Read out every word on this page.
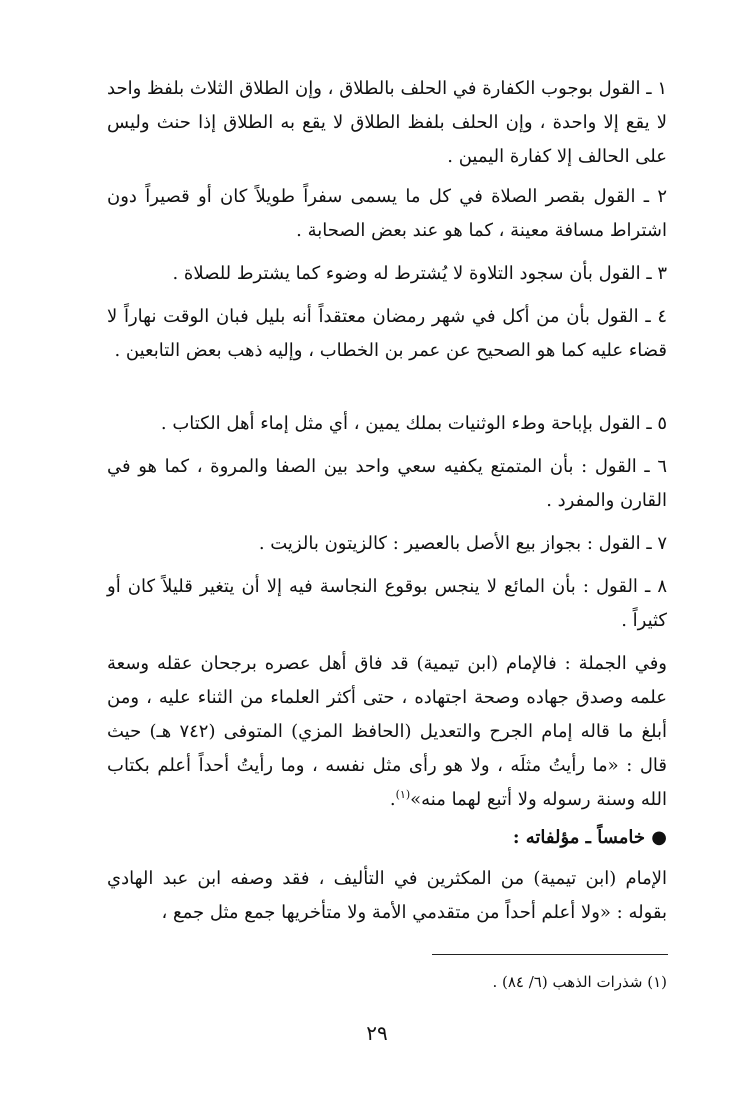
١ ـ القول بوجوب الكفارة في الحلف بالطلاق ، وإن الطلاق الثلاث بلفظ واحد لا يقع إلا واحدة ، وإن الحلف بلفظ الطلاق لا يقع به الطلاق إذا حنث وليس على الحالف إلا كفارة اليمين .
٢ ـ القول بقصر الصلاة في كل ما يسمى سفراً طويلاً كان أو قصيراً دون اشتراط مسافة معينة ، كما هو عند بعض الصحابة .
٣ ـ القول بأن سجود التلاوة لا يُشترط له وضوء كما يشترط للصلاة .
٤ ـ القول بأن من أكل في شهر رمضان معتقداً أنه بليل فبان الوقت نهاراً لا قضاء عليه كما هو الصحيح عن عمر بن الخطاب ، وإليه ذهب بعض التابعين .
٥ ـ القول بإباحة وطء الوثنيات بملك يمين ، أي مثل إماء أهل الكتاب .
٦ ـ القول : بأن المتمتع يكفيه سعي واحد بين الصفا والمروة ، كما هو في القارن والمفرد .
٧ ـ القول : بجواز بيع الأصل بالعصير : كالزيتون بالزيت .
٨ ـ القول : بأن المائع لا ينجس بوقوع النجاسة فيه إلا أن يتغير قليلاً كان أو كثيراً .
وفي الجملة : فالإمام (ابن تيمية) قد فاق أهل عصره برجحان عقله وسعة علمه وصدق جهاده وصحة اجتهاده ، حتى أكثر العلماء من الثناء عليه ، ومن أبلغ ما قاله إمام الجرح والتعديل (الحافظ المزي) المتوفى (٧٤٢ هـ) حيث قال : «ما رأيتُ مثلَه ، ولا هو رأى مثل نفسه ، وما رأيتُ أحداً أعلم بكتاب الله وسنة رسوله ولا أتبع لهما منه»$^{(١)}$.
● خامساً ـ مؤلفاته :
الإمام (ابن تيمية) من المكثرين في التأليف ، فقد وصفه ابن عبد الهادي بقوله : «ولا أعلم أحداً من متقدمي الأمة ولا متأخريها جمع مثل جمع ،
(١) شذرات الذهب (٦/ ٨٤) .
٢٩
